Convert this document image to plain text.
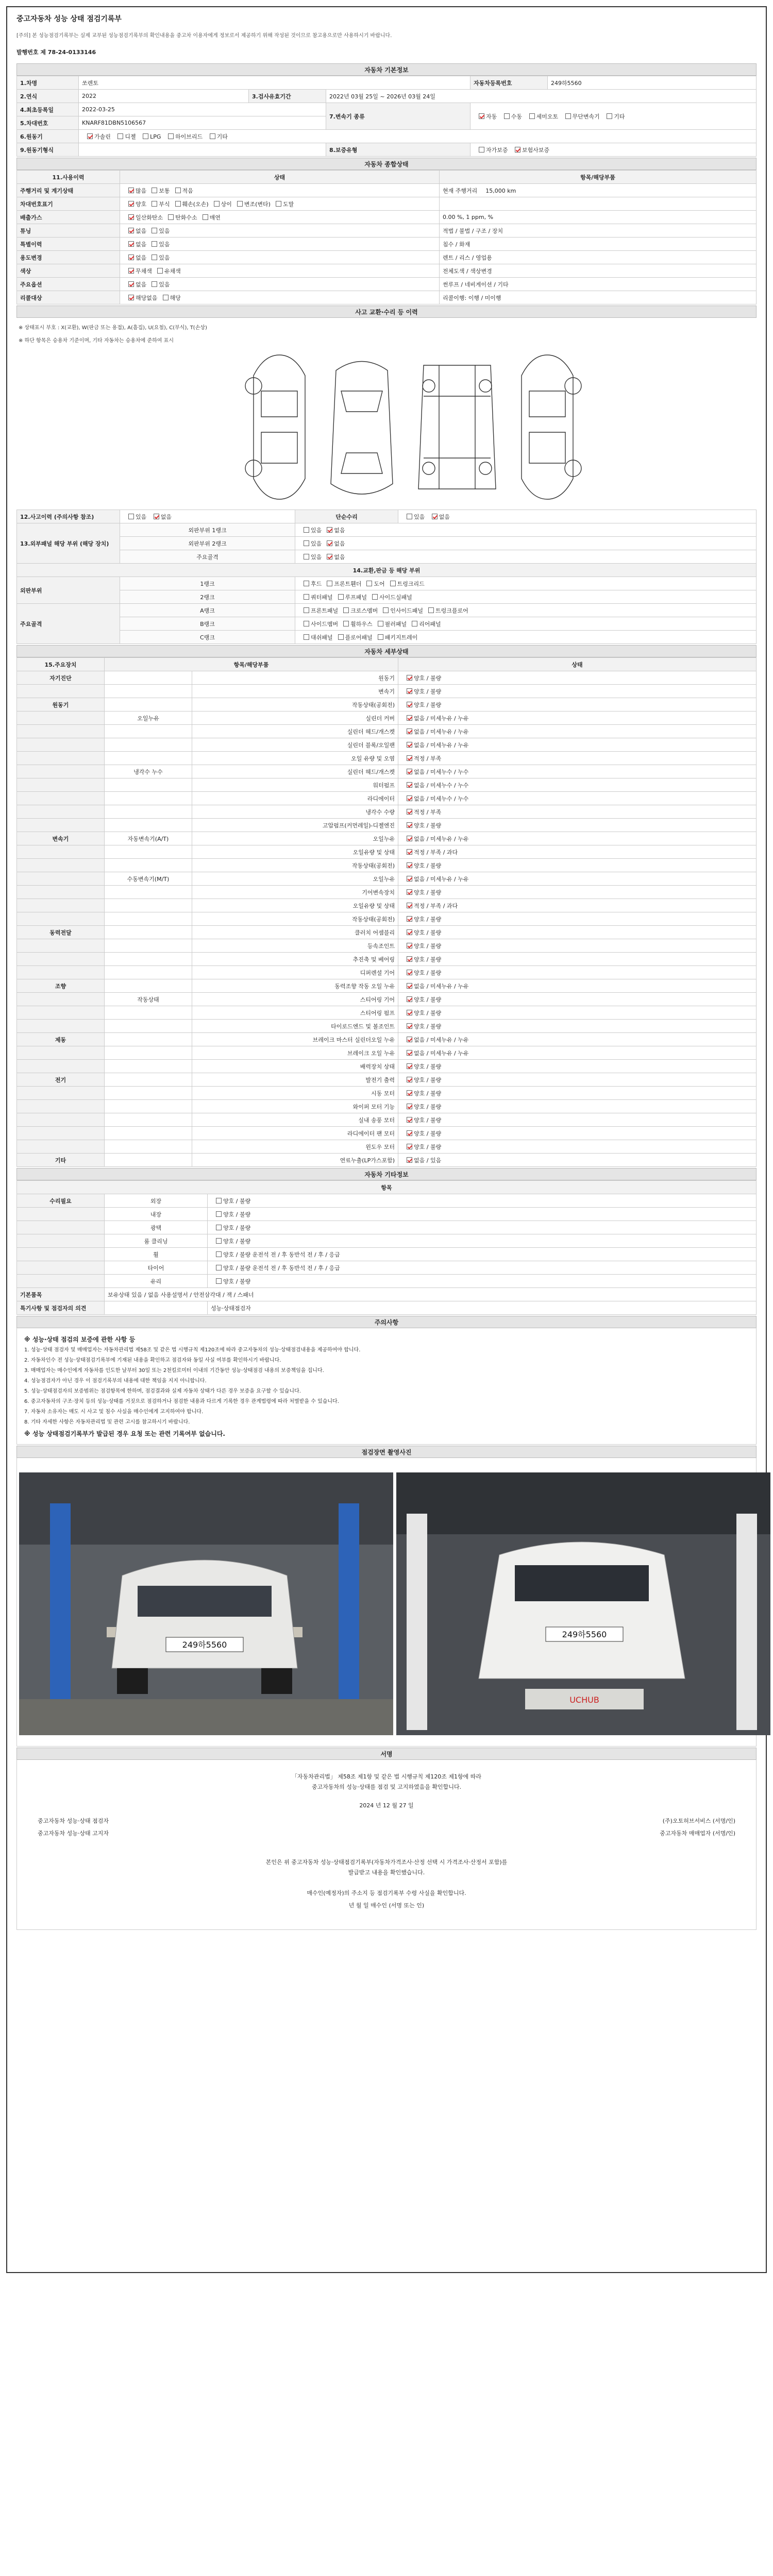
중고자동차 성능 상태 점검기록부
[주의] 본 성능점검기록부는 실제 교부된 성능점검기록부의 확인내용을 중고차 이용자에게 정보로서 제공하기 위해 작성된 것이므로 참고용으로만 사용하시기 바랍니다.
발행번호 제 78-24-0133146
자동차 기본정보
1.차명	쏘렌토			자동차등록번호	249하5560
2.연식	2022	3.검사유효기간	2022년 03월 25일 ~ 2026년 03월 24일		
4.최초등록일	2022-03-25		7.변속기 종류	자동 수동 세미오토 무단변속기 기타	
5.차대번호	KNARF81DBN5106567				
6.원동기	가솔린 디젤 LPG 하이브리드 기타				
9.원동기형식			8.보증유형	자가보증 보험사보증	
자동차 종합상태
11.사용이력	상태	항목/해당부품
주행거리 및 계기상태	많음 보통 적음	현재 주행거리 15,000 km
차대번호표기	양호 부식 훼손(오손) 상이 변조(변타) 도말	
배출가스	일산화탄소 탄화수소 매연	0.00 %, 1 ppm, %
튜닝	없음 있음	적법 / 불법 / 구조 / 장치
특별이력	없음 있음	침수 / 화재
용도변경	없음 있음	렌트 / 리스 / 영업용
색상	무채색 유채색	전체도색 / 색상변경
주요옵션	없음 있음	썬루프 / 네비게이션 / 기타
리콜대상	해당없음 해당	리콜이행: 이행 / 미이행
사고 교환·수리 등 이력
※ 상태표시 부호 : X(교환), W(판금 또는 용접), A(흠집), U(요철), C(부식), T(손상)
※ 하단 항목은 승용차 기준이며, 기타 자동차는 승용차에 준하여 표시
12.사고이력 (주의사항 참조)	있음 없음	단순수리	있음 없음
13.외부패널 해당 부위 (해당 장치)	외판부위 1랭크	있음 없음	
	외판부위 2랭크	있음 없음	
	주요골격	있음 없음	
14.교환,판금 등 해당 부위			
외판부위	1랭크	후드 프론트휀더 도어 트렁크리드	
	2랭크	쿼터패널 루프패널 사이드실패널	
주요골격	A랭크	프론트패널 크로스멤버 인사이드패널 트렁크플로어	
	B랭크	사이드멤버 휠하우스 필러패널 리어패널	
	C랭크	대쉬패널 플로어패널 패키지트레이	
자동차 세부상태
15.주요장치	항목/해당부품		상태
자기진단		원동기	양호 / 불량
		변속기	양호 / 불량
원동기		작동상태(공회전)	양호 / 불량
	오일누유	실린더 커버	없음 / 미세누유 / 누유
		실린더 헤드/개스켓	없음 / 미세누유 / 누유
		실린더 블록/오일팬	없음 / 미세누유 / 누유
		오일 유량 및 오염	적정 / 부족
	냉각수 누수	실린더 헤드/개스켓	없음 / 미세누수 / 누수
		워터펌프	없음 / 미세누수 / 누수
		라디에이터	없음 / 미세누수 / 누수
		냉각수 수량	적정 / 부족
		고압펌프(커먼레일)-디젤엔진	양호 / 불량
변속기	자동변속기(A/T)	오일누유	없음 / 미세누유 / 누유
		오일유량 및 상태	적정 / 부족 / 과다
		작동상태(공회전)	양호 / 불량
	수동변속기(M/T)	오일누유	없음 / 미세누유 / 누유
		기어변속장치	양호 / 불량
		오일유량 및 상태	적정 / 부족 / 과다
		작동상태(공회전)	양호 / 불량
동력전달		클러치 어셈블리	양호 / 불량
		등속조인트	양호 / 불량
		추진축 및 베어링	양호 / 불량
		디퍼렌셜 기어	양호 / 불량
조향		동력조향 작동 오일 누유	없음 / 미세누유 / 누유
	작동상태	스티어링 기어	양호 / 불량
		스티어링 펌프	양호 / 불량
		타이로드엔드 및 볼조인트	양호 / 불량
제동		브레이크 마스터 실린더오일 누유	없음 / 미세누유 / 누유
		브레이크 오일 누유	없음 / 미세누유 / 누유
		배력장치 상태	양호 / 불량
전기		발전기 출력	양호 / 불량
		시동 모터	양호 / 불량
		와이퍼 모터 기능	양호 / 불량
		실내 송풍 모터	양호 / 불량
		라디에이터 팬 모터	양호 / 불량
		윈도우 모터	양호 / 불량
기타		연료누출(LP가스포함)	없음 / 있음
자동차 기타정보
항목		
수리필요	외장	양호 / 불량
	내장	양호 / 불량
	광택	양호 / 불량
	룸 클리닝	양호 / 불량
	휠	양호 / 불량 운전석 전 / 후 동반석 전 / 후 / 응급
	타이어	양호 / 불량 운전석 전 / 후 동반석 전 / 후 / 응급
	유리	양호 / 불량
기본품목	보유상태 있음 / 없음 사용설명서 / 안전삼각대 / 잭 / 스패너	
특기사항 및 점검자의 의견		성능·상태점검자
주의사항

※ 성능·상태 점검의 보증에 관한 사항 등

1. 성능·상태 점검자 및 매매업자는 자동차관리법 제58조 및 같은 법 시행규칙 제120조에 따라 중고자동차의 성능·상태점검내용을 제공하여야 합니다.

2. 자동차인수 전 성능·상태점검기록부에 기재된 내용을 확인하고 점검자와 동일 사실 여부를 확인하시기 바랍니다.

3. 매매업자는 매수인에게 자동차를 인도한 날부터 30일 또는 2천킬로미터 이내의 기간동안 성능·상태점검 내용의 보증책임을 집니다.

4. 성능점검자가 아닌 경우 이 점검기록부의 내용에 대한 책임을 지지 아니합니다.

5. 성능·상태점검자의 보증범위는 점검항목에 한하며, 점검결과와 실제 자동차 상태가 다른 경우 보증을 요구할 수 있습니다.

6. 중고자동차의 구조·장치 등의 성능·상태를 거짓으로 점검하거나 점검한 내용과 다르게 기록한 경우 관계법령에 따라 처벌받을 수 있습니다.

7. 자동차 소유자는 매도 시 사고 및 침수 사실을 매수인에게 고지하여야 합니다.

8. 기타 자세한 사항은 자동차관리법 및 관련 고시를 참고하시기 바랍니다.

※ 성능 상태점검기록부가 발급된 경우 요청 또는 관련 기록여부 없습니다.

점검장면 촬영사진
249하5560
249하5560
UCHUB
서명
「자동차관리법」 제58조 제1항 및 같은 법 시행규칙 제120조 제1항에 따라
중고자동차의 성능·상태를 점검 및 고지하였음을 확인합니다.
2024 년 12 월 27 일
중고자동차 성능·상태 점검자	(주)오토허브서비스 (서명/인)
중고자동차 성능·상태 고지자	중고자동차 매매업자 (서명/인)
본인은 위 중고자동차 성능·상태점검기록부(자동차가격조사·산정 선택 시 가격조사·산정서 포함)를
발급받고 내용을 확인했습니다.
매수인(예정자)의 주소지 등 점검기록부 수령 사실을 확인합니다.
년 월 일 매수인 (서명 또는 인)
